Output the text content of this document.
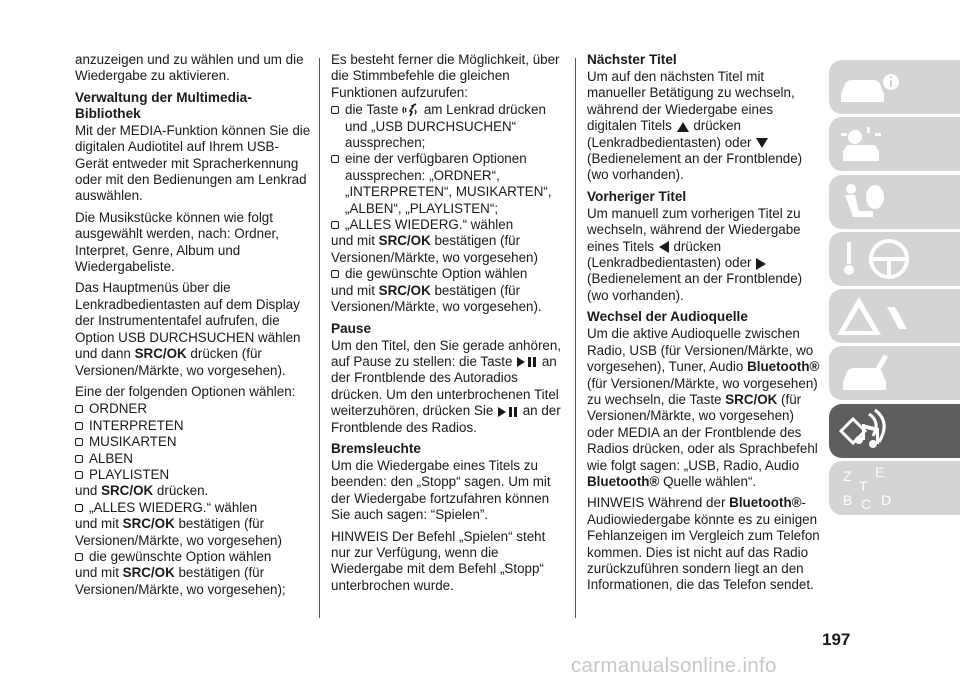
anzuzeigen und zu wählen und um die Wiedergabe zu aktivieren.

Verwaltung der Multimedia-Bibliothek

Mit der MEDIA-Funktion können Sie die digitalen Audiotitel auf Ihrem USB-Gerät entweder mit Spracherkennung oder mit den Bedienungen am Lenkrad auswählen.

Die Musikstücke können wie folgt ausgewählt werden, nach: Ordner, Interpret, Genre, Album und Wiedergabeliste.

Das Hauptmenüs über die Lenkradbedientasten auf dem Display der Instrumententafel aufrufen, die Option USB DURCHSUCHEN wählen und dann SRC/OK drücken (für Versionen/Märkte, wo vorgesehen).

Eine der folgenden Optionen wählen:

ORDNER
INTERPRETEN
MUSIKARTEN
ALBEN
PLAYLISTEN
und SRC/OK drücken.
„ALLES WIEDERG.“ wählen
und mit SRC/OK bestätigen (für
Versionen/Märkte, wo vorgesehen)
die gewünschte Option wählen
und mit SRC/OK bestätigen (für
Versionen/Märkte, wo vorgesehen);

Es besteht ferner die Möglichkeit, über die Stimmbefehle die gleichen Funktionen aufzurufen:

die Taste am Lenkrad drücken und „USB DURCHSUCHEN“ aussprechen;
eine der verfügbaren Optionen aussprechen: „ORDNER“, „INTERPRETEN“, MUSIKARTEN“, „ALBEN“, „PLAYLISTEN“;
„ALLES WIEDERG.“ wählen
und mit SRC/OK bestätigen (für
Versionen/Märkte, wo vorgesehen)
die gewünschte Option wählen
und mit SRC/OK bestätigen (für

Versionen/Märkte, wo vorgesehen).

Pause

Um den Titel, den Sie gerade anhören, auf Pause zu stellen: die Taste an der Frontblende des Autoradios drücken. Um den unterbrochenen Titel weiterzuhören, drücken Sie an der Frontblende des Radios.

Bremsleuchte

Um die Wiedergabe eines Titels zu beenden: den „Stopp“ sagen. Um mit der Wiedergabe fortzufahren können Sie auch sagen: “Spielen”.

HINWEIS Der Befehl „Spielen“ steht nur zur Verfügung, wenn die Wiedergabe mit dem Befehl „Stopp“ unterbrochen wurde.

Nächster Titel

Um auf den nächsten Titel mit manueller Betätigung zu wechseln, während der Wiedergabe eines digitalen Titels drücken (Lenkradbedientasten) oder  (Bedienelement an der Frontblende) (wo vorhanden).

Vorheriger Titel

Um manuell zum vorherigen Titel zu wechseln, während der Wiedergabe eines Titels drücken (Lenkradbedientasten) oder  (Bedienelement an der Frontblende) (wo vorhanden).

Wechsel der Audioquelle

Um die aktive Audioquelle zwischen Radio, USB (für Versionen/Märkte, wo vorgesehen), Tuner, Audio Bluetooth® (für Versionen/Märkte, wo vorgesehen) zu wechseln, die Taste SRC/OK (für Versionen/Märkte, wo vorgesehen) oder MEDIA an der Frontblende des Radios drücken, oder als Sprachbefehl wie folgt sagen: „USB, Radio, Audio Bluetooth® Quelle wählen“.

HINWEIS Während der Bluetooth®-Audiowiedergabe könnte es zu einigen Fehlanzeigen im Vergleich zum Telefon kommen. Dies ist nicht auf das Radio zurückzuführen sondern liegt an den Informationen, die das Telefon sendet.

Z E
B C D
T
197
carmanualsonline.info
